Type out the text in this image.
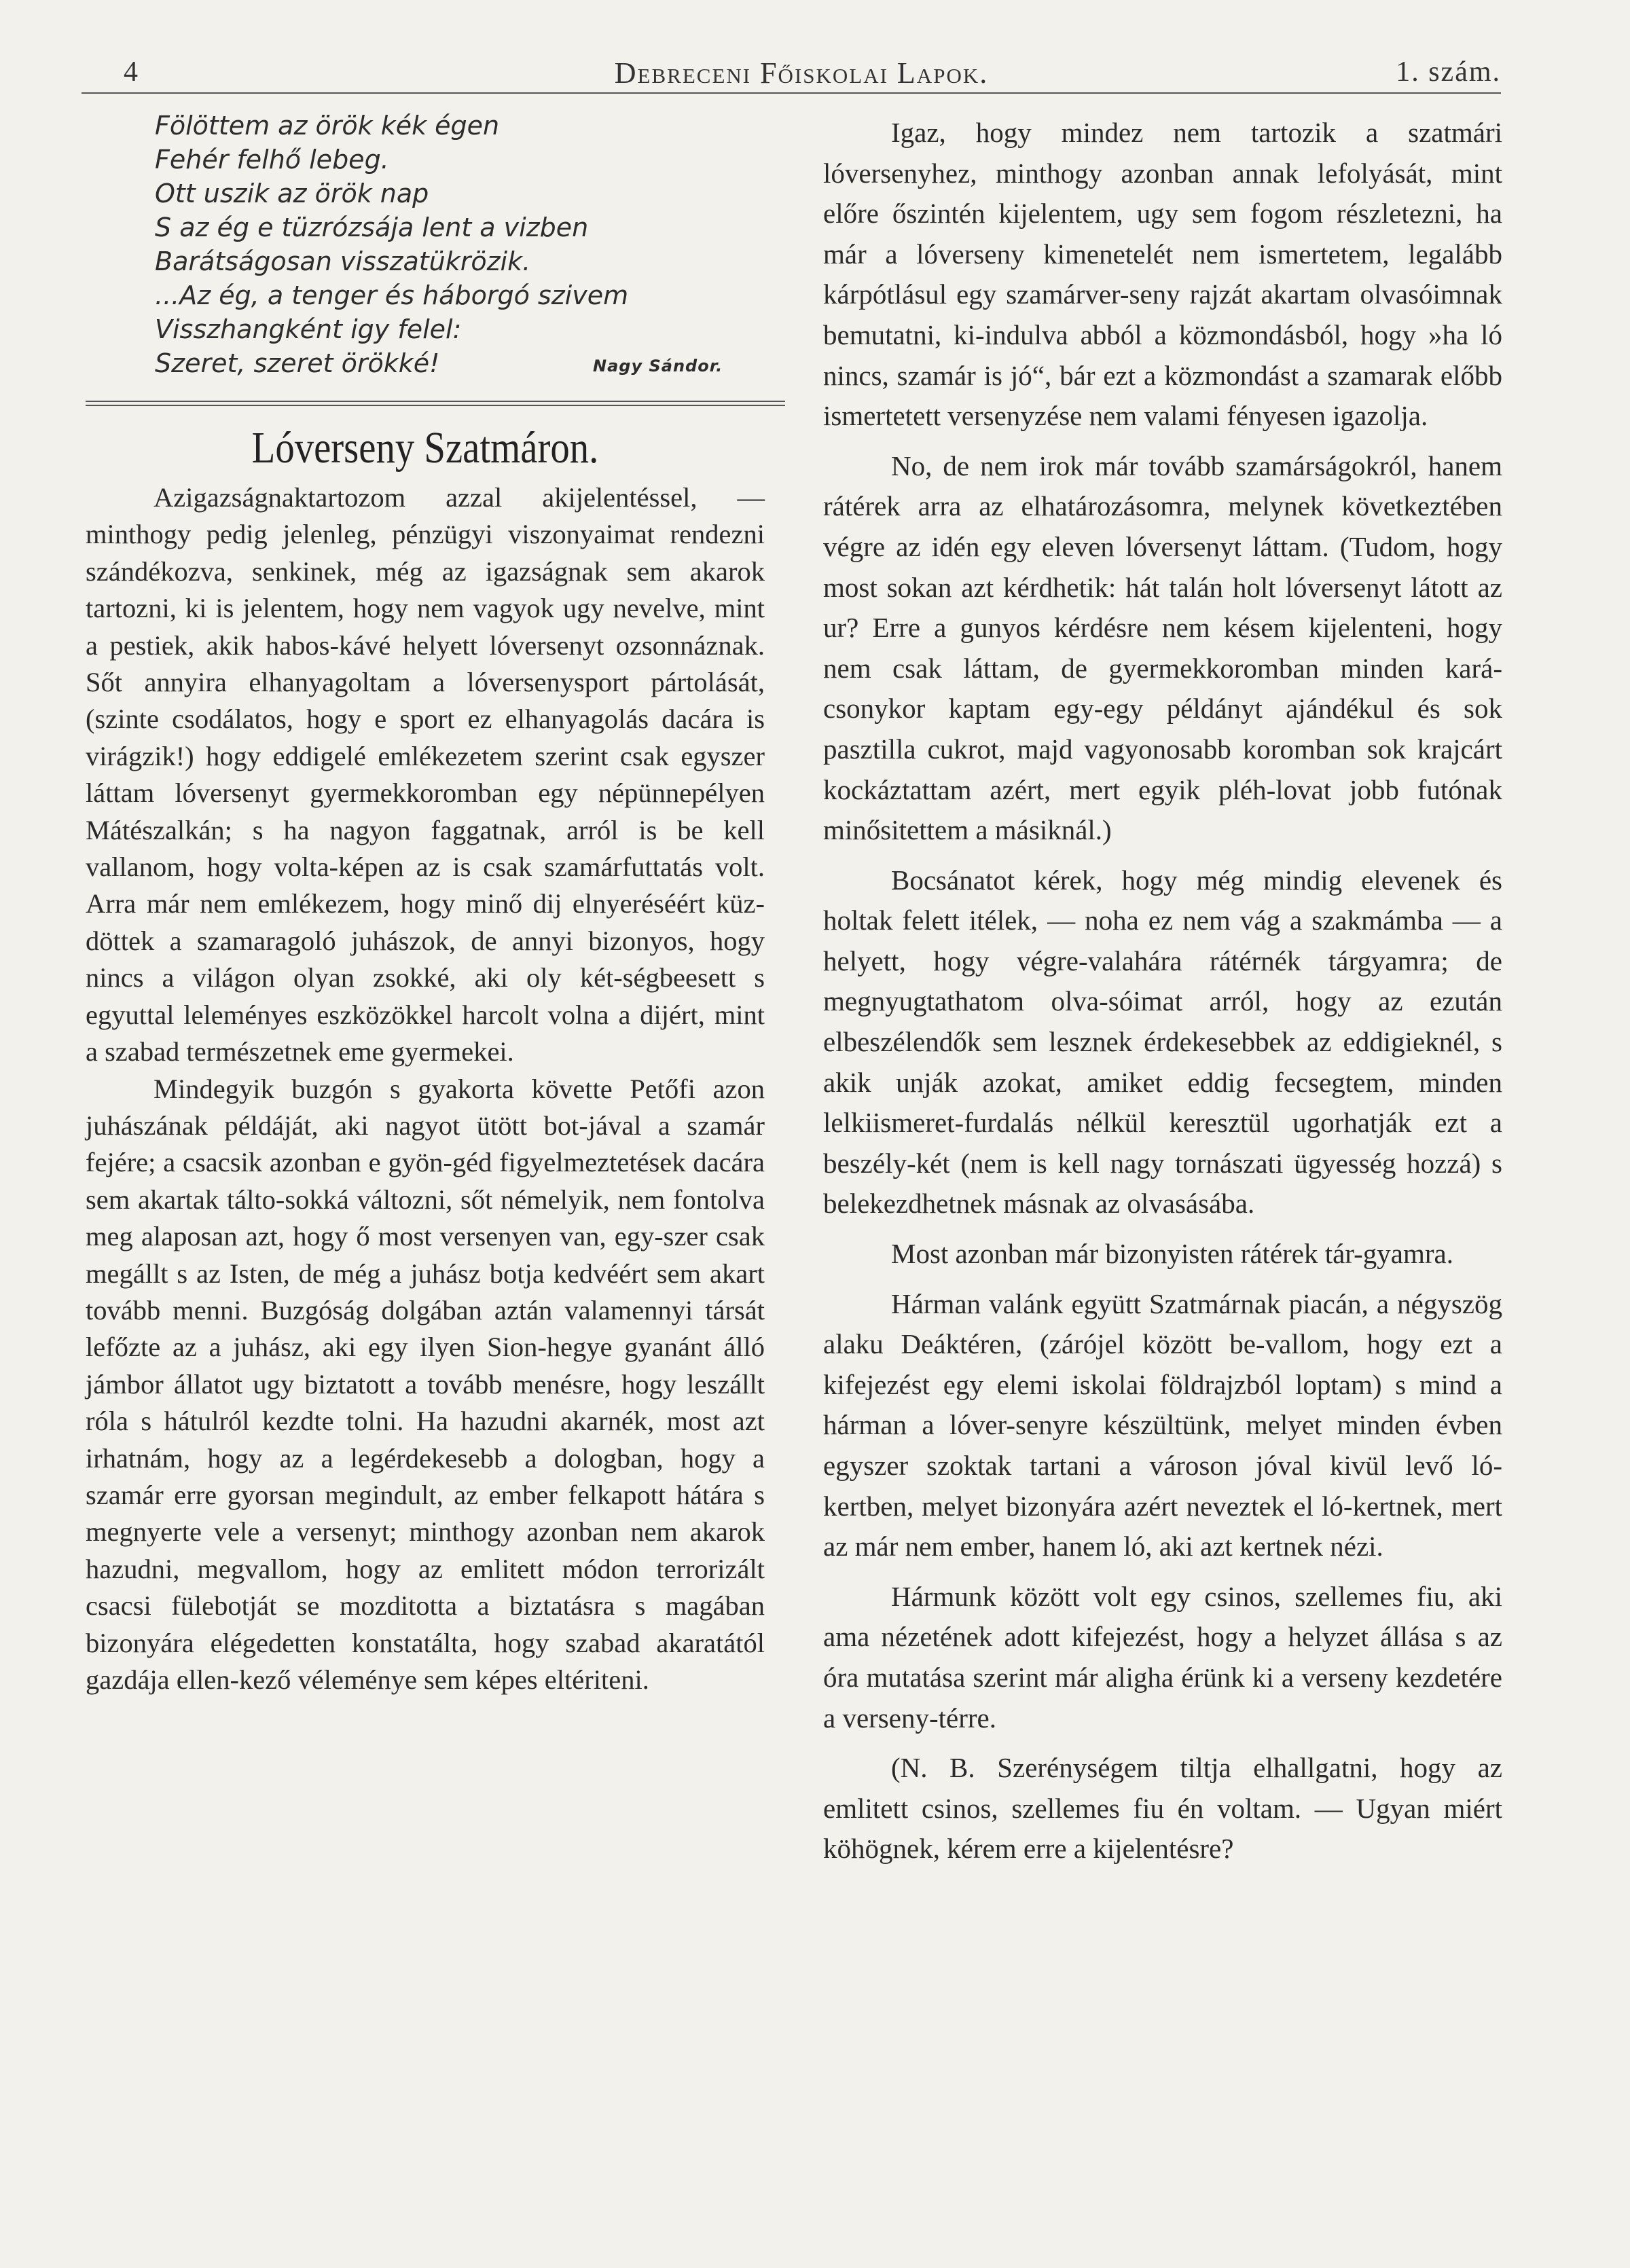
4	Debreceni Főiskolai Lapok.	1. szám.
Fölöttem az örök kék égen
Fehér felhő lebeg.
Ott uszik az örök nap
S az ég e tüzrózsája lent a vizben
Barátságosan visszatükrözik.
...Az ég, a tenger és háborgó szivem
Visszhangként igy felel:
Szeret, szeret örökké!	Nagy Sándor.
Lóverseny Szatmáron.

Azigazságnaktartozom azzal akijelentéssel, — minthogy pedig jelenleg, pénzügyi viszonyaimat rendezni szándékozva, senkinek, még az igazságnak sem akarok tartozni, ki is jelentem, hogy nem vagyok ugy nevelve, mint a pestiek, akik habos-kávé helyett lóversenyt ozsonnáznak. Sőt annyira elhanyagoltam a lóversenysport pártolását, (szinte csodálatos, hogy e sport ez elhanyagolás dacára is virágzik!) hogy eddigelé emlékezetem szerint csak egyszer láttam lóversenyt gyermekkoromban egy népünnepélyen Mátészalkán; s ha nagyon faggatnak, arról is be kell vallanom, hogy volta-képen az is csak szamárfuttatás volt. Arra már nem emlékezem, hogy minő dij elnyeréséért küz-döttek a szamaragoló juhászok, de annyi bizonyos, hogy nincs a világon olyan zsokké, aki oly két-ségbeesett s egyuttal leleményes eszközökkel harcolt volna a dijért, mint a szabad természetnek eme gyermekei.

Mindegyik buzgón s gyakorta követte Petőfi azon juhászának példáját, aki nagyot ütött bot-jával a szamár fejére; a csacsik azonban e gyön-géd figyelmeztetések dacára sem akartak tálto-sokká változni, sőt némelyik, nem fontolva meg alaposan azt, hogy ő most versenyen van, egy-szer csak megállt s az Isten, de még a juhász botja kedvéért sem akart tovább menni. Buzgóság dolgában aztán valamennyi társát lefőzte az a juhász, aki egy ilyen Sion-hegye gyanánt álló jámbor állatot ugy biztatott a tovább menésre, hogy leszállt róla s hátulról kezdte tolni. Ha hazudni akarnék, most azt irhatnám, hogy az a legérdekesebb a dologban, hogy a szamár erre gyorsan megindult, az ember felkapott hátára s megnyerte vele a versenyt; minthogy azonban nem akarok hazudni, megvallom, hogy az emlitett módon terrorizált csacsi fülebotját se mozditotta a biztatásra s magában bizonyára elégedetten konstatálta, hogy szabad akaratától gazdája ellen-kező véleménye sem képes eltériteni.

Igaz, hogy mindez nem tartozik a szatmári lóversenyhez, minthogy azonban annak lefolyását, mint előre őszintén kijelentem, ugy sem fogom részletezni, ha már a lóverseny kimenetelét nem ismertetem, legalább kárpótlásul egy szamárver-seny rajzát akartam olvasóimnak bemutatni, ki-indulva abból a közmondásból, hogy »ha ló nincs, szamár is jó“, bár ezt a közmondást a szamarak előbb ismertetett versenyzése nem valami fényesen igazolja.

No, de nem irok már tovább szamárságokról, hanem rátérek arra az elhatározásomra, melynek következtében végre az idén egy eleven lóversenyt láttam. (Tudom, hogy most sokan azt kérdhetik: hát talán holt lóversenyt látott az ur? Erre a gunyos kérdésre nem késem kijelenteni, hogy nem csak láttam, de gyermekkoromban minden kará-csonykor kaptam egy-egy példányt ajándékul és sok pasztilla cukrot, majd vagyonosabb koromban sok krajcárt kockáztattam azért, mert egyik pléh-lovat jobb futónak minősitettem a másiknál.)

Bocsánatot kérek, hogy még mindig elevenek és holtak felett itélek, — noha ez nem vág a szakmámba — a helyett, hogy végre-valahára rátérnék tárgyamra; de megnyugtathatom olva-sóimat arról, hogy az ezután elbeszélendők sem lesznek érdekesebbek az eddigieknél, s akik unják azokat, amiket eddig fecsegtem, minden lelkiismeret-furdalás nélkül keresztül ugorhatják ezt a beszély-két (nem is kell nagy tornászati ügyesség hozzá) s belekezdhetnek másnak az olvasásába.

Most azonban már bizonyisten rátérek tár-gyamra.

Hárman valánk együtt Szatmárnak piacán, a négyszög alaku Deáktéren, (zárójel között be-vallom, hogy ezt a kifejezést egy elemi iskolai földrajzból loptam) s mind a hárman a lóver-senyre készültünk, melyet minden évben egyszer szoktak tartani a városon jóval kivül levő ló-kertben, melyet bizonyára azért neveztek el ló-kertnek, mert az már nem ember, hanem ló, aki azt kertnek nézi.

Hármunk között volt egy csinos, szellemes fiu, aki ama nézetének adott kifejezést, hogy a helyzet állása s az óra mutatása szerint már aligha érünk ki a verseny kezdetére a verseny-térre.

(N. B. Szerénységem tiltja elhallgatni, hogy az emlitett csinos, szellemes fiu én voltam. — Ugyan miért köhögnek, kérem erre a kijelentésre?
